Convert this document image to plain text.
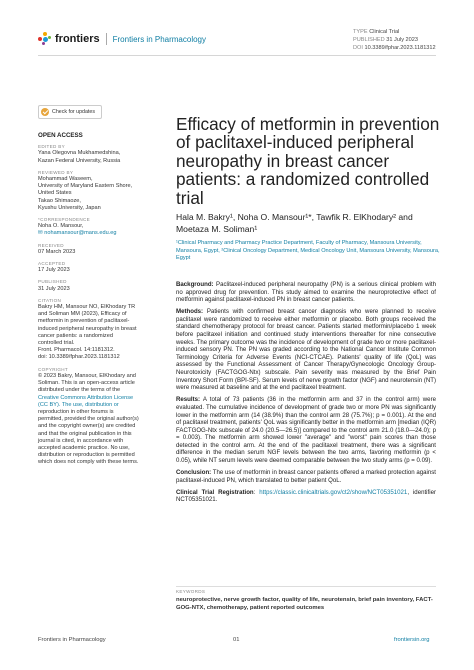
frontiers Frontiers in Pharmacology
TYPE Clinical Trial
PUBLISHED 31 July 2023
DOI 10.3389/fphar.2023.1181312
Check for updates
OPEN ACCESS
EDITED BY
Yana Olegovna Mukhamedshina,
Kazan Federal University, Russia
REVIEWED BY
Mohammad Waseem,
University of Maryland Eastern Shore,
United States
Takao Shimaoze,
Kyushu University, Japan
*CORRESPONDENCE
Noha O. Mansour,
✉ nohamansour@mans.edu.eg
RECEIVED
07 March 2023
ACCEPTED
17 July 2023
PUBLISHED
31 July 2023
CITATION
Bakry HM, Mansour NO, ElKhodary TR
and Soliman MM (2023), Efficacy of
metformin in prevention of paclitaxel-
induced peripheral neuropathy in breast
cancer patients: a randomized
controlled trial.
Front. Pharmacol. 14:1181312.
doi: 10.3389/fphar.2023.1181312
COPYRIGHT
© 2023 Bakry, Mansour, ElKhodary and
Soliman. This is an open-access article
distributed under the terms of the
Creative Commons Attribution License
(CC BY). The use, distribution or
reproduction in other forums is
permitted, provided the original author(s)
and the copyright owner(s) are credited
and that the original publication in this
journal is cited, in accordance with
accepted academic practice. No use,
distribution or reproduction is permitted
which does not comply with these terms.
Efficacy of metformin in prevention of paclitaxel-induced peripheral neuropathy in breast cancer patients: a randomized controlled trial
Hala M. Bakry¹, Noha O. Mansour¹*, Tawfik R. ElKhodary² and Moetaza M. Soliman¹
¹Clinical Pharmacy and Pharmacy Practice Department, Faculty of Pharmacy, Mansoura University, Mansoura, Egypt, ²Clinical Oncology Department, Medical Oncology Unit, Mansoura University, Mansoura, Egypt

Background: Paclitaxel-induced peripheral neuropathy (PN) is a serious clinical problem with no approved drug for prevention. This study aimed to examine the neuroprotective effect of metformin against paclitaxel-induced PN in breast cancer patients.

Methods: Patients with confirmed breast cancer diagnosis who were planned to receive paclitaxel were randomized to receive either metformin or placebo. Both groups received the standard chemotherapy protocol for breast cancer. Patients started metformin/placebo 1 week before paclitaxel initiation and continued study interventions thereafter for nine consecutive weeks. The primary outcome was the incidence of development of grade two or more paclitaxel-induced sensory PN. The PN was graded according to the National Cancer Institute Common Terminology Criteria for Adverse Events (NCI-CTCAE). Patients' quality of life (QoL) was assessed by the Functional Assessment of Cancer Therapy/Gynecologic Oncology Group-Neurotoxicity (FACTGOG-Ntx) subscale. Pain severity was measured by the Brief Pain Inventory Short Form (BPI-SF). Serum levels of nerve growth factor (NGF) and neurotensin (NT) were measured at baseline and at the end paclitaxel treatment.

Results: A total of 73 patients (36 in the metformin arm and 37 in the control arm) were evaluated. The cumulative incidence of development of grade two or more PN was significantly lower in the metformin arm (14 (38.9%) than the control arm 28 (75.7%); p = 0.001). At the end of paclitaxel treatment, patients' QoL was significantly better in the metformin arm [median (IQR) FACTGOG-Ntx subscale of 24.0 (20.5—26.5)] compared to the control arm 21.0 (18.0—24.0); p = 0.003). The metformin arm showed lower "average" and "worst" pain scores than those detected in the control arm. At the end of the paclitaxel treatment, there was a significant difference in the median serum NGF levels between the two arms, favoring metformin (p < 0.05), while NT serum levels were deemed comparable between the two study arms (p = 0.09).

Conclusion: The use of metformin in breast cancer patients offered a marked protection against paclitaxel-induced PN, which translated to better patient QoL.

Clinical Trial Registration: https://classic.clinicaltrials.gov/ct2/show/NCT05351021, identifier NCT05351021.

KEYWORDS
neuroprotective, nerve growth factor, quality of life, neurotensin, brief pain inventory, FACT-GOG-NTX, chemotherapy, patient reported outcomes
Frontiers in Pharmacology	01	frontiersin.org
